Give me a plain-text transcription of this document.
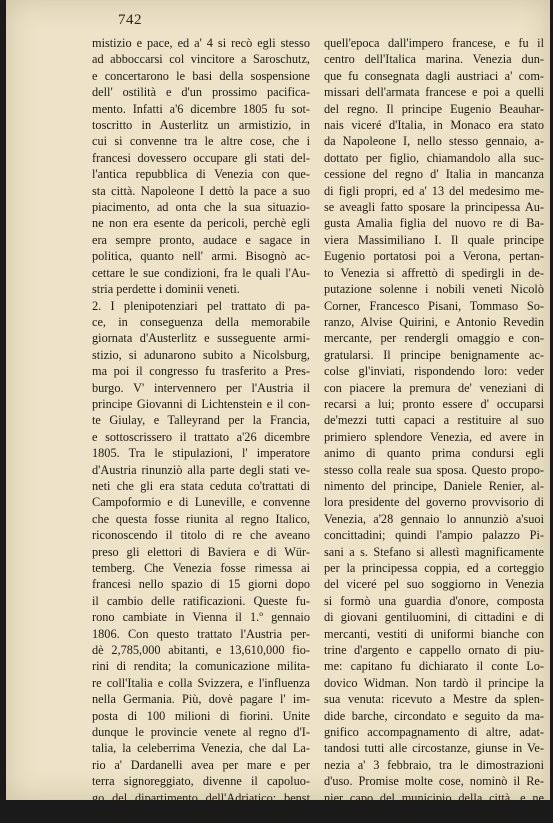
742
mistizio e pace, ed a' 4 si recò egli stesso
ad abboccarsi col vincitore a Saroschutz,
e concertarono le basi della sospensione
dell' ostilità e d'un prossimo pacifica-
mento. Infatti a'6 dicembre 1805 fu sot-
toscritto in Austerlitz un armistizio, in
cui si convenne tra le altre cose, che i
francesi dovessero occupare gli stati del-
l'antica repubblica di Venezia con que-
sta città. Napoleone I dettò la pace a suo
piacimento, ad onta che la sua situazio-
ne non era esente da pericoli, perchè egli
era sempre pronto, audace e sagace in
politica, quanto nell' armi. Bisognò ac-
cettare le sue condizioni, fra le quali l'Au-
stria perdette i dominii veneti.
2. I plenipotenziari pel trattato di pa-
ce, in conseguenza della memorabile
giornata d'Austerlitz e susseguente armi-
stizio, si adunarono subito a Nicolsburg,
ma poi il congresso fu trasferito a Pres-
burgo. V' intervennero per l'Austria il
principe Giovanni di Lichtenstein e il con-
te Giulay, e Talleyrand per la Francia,
e sottoscrissero il trattato a'26 dicembre
1805. Tra le stipulazioni, l' imperatore
d'Austria rinunziò alla parte degli stati ve-
neti che gli era stata ceduta co'trattati di
Campoformio e di Luneville, e convenne
che questa fosse riunita al regno Italico,
riconoscendo il titolo di re che aveano
preso gli elettori di Baviera e di Wür-
temberg. Che Venezia fosse rimessa ai
francesi nello spazio di 15 giorni dopo
il cambio delle ratificazioni. Queste fu-
rono cambiate in Vienna il 1.º gennaio
1806. Con questo trattato l'Austria per-
dè 2,785,000 abitanti, e 13,610,000 fio-
rini di rendita; la comunicazione milita-
re coll'Italia e colla Svizzera, e l'influenza
nella Germania. Più, dovè pagare l' im-
posta di 100 milioni di fiorini. Unite
dunque le provincie venete al regno d'I-
talia, la celeberrima Venezia, che dal La-
rio a' Dardanelli avea per mare e per
terra signoreggiato, divenne il capoluo-
go del dipartimento dell'Adriatico; benst
partecipò poi de'vantaggi procuratigli a
quell'epoca dall'impero francese, e fu il
centro dell'Italica marina. Venezia dun-
que fu consegnata dagli austriaci a' com-
missari dell'armata francese e poi a quelli
del regno. Il principe Eugenio Beauhar-
nais viceré d'Italia, in Monaco era stato
da Napoleone I, nello stesso gennaio, a-
dottato per figlio, chiamandolo alla suc-
cessione del regno d' Italia in mancanza
di figli propri, ed a' 13 del medesimo me-
se aveagli fatto sposare la principessa Au-
gusta Amalia figlia del nuovo re di Ba-
viera Massimiliano I. Il quale principe
Eugenio portatosi poi a Verona, pertan-
to Venezia si affrettò di spedirgli in de-
putazione solenne i nobili veneti Nicolò
Corner, Francesco Pisani, Tommaso So-
ranzo, Alvise Quirini, e Antonio Revedin
mercante, per rendergli omaggio e con-
gratularsi. Il principe benignamente ac-
colse gl'inviati, rispondendo loro: veder
con piacere la premura de' veneziani di
recarsi a lui; pronto essere d' occuparsi
de'mezzi tutti capaci a restituire al suo
primiero splendore Venezia, ed avere in
animo di quanto prima condursi egli
stesso colla reale sua sposa. Questo propo-
nimento del principe, Daniele Renier, al-
lora presidente del governo provvisorio di
Venezia, a'28 gennaio lo annunziò a'suoi
concittadini; quindi l'ampio palazzo Pi-
sani a s. Stefano si allestì magnificamente
per la principessa coppia, ed a corteggio
del viceré pel suo soggiorno in Venezia
si formò una guardia d'onore, composta
di giovani gentiluomini, di cittadini e di
mercanti, vestiti di uniformi bianche con
trine d'argento e cappello ornato di piu-
me: capitano fu dichiarato il conte Lo-
dovico Widman. Non tardò il principe la
sua venuta: ricevuto a Mestre da splen-
dide barche, circondato e seguito da ma-
gnifico accompagnamento di altre, adat-
tandosi tutti alle circostanze, giunse in Ve-
nezia a' 3 febbraio, tra le dimostrazioni
d'uso. Promise molte cose, nominò il Re-
nier capo del municipio della città, e ne
partì dopo 5 giorni di permanenza. Do-
